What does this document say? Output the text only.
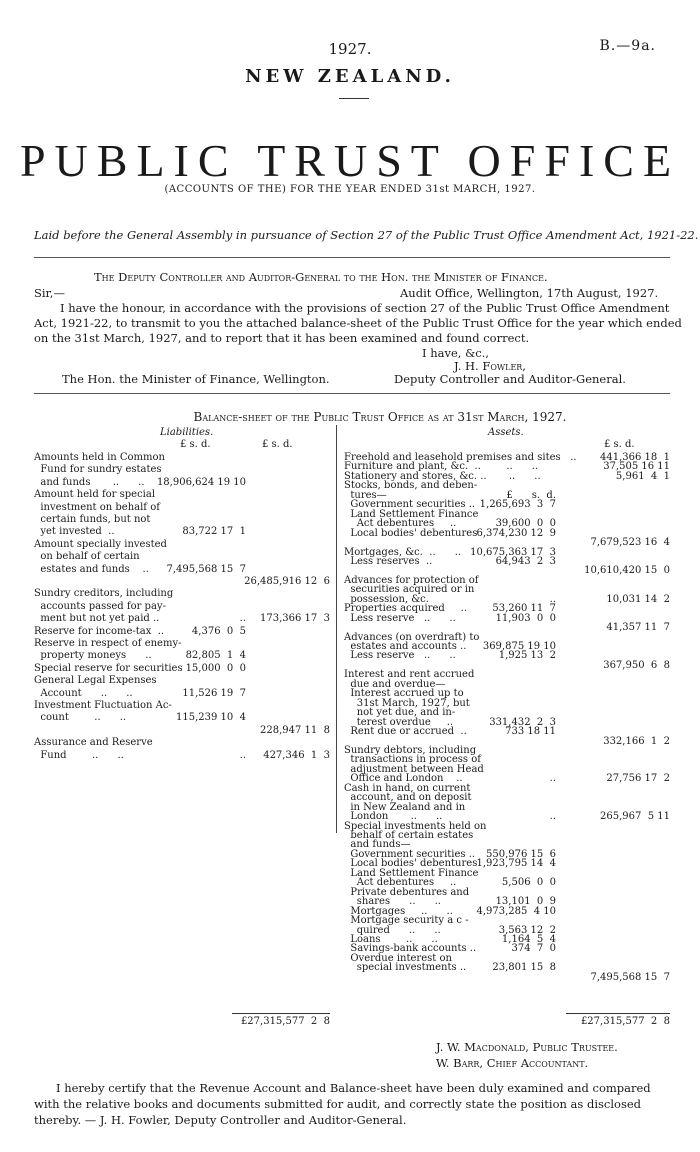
B.—9a.
1927.
NEW ZEALAND.
PUBLIC TRUST OFFICE
(ACCOUNTS OF THE) FOR THE YEAR ENDED 31st MARCH, 1927.
Laid before the General Assembly in pursuance of Section 27 of the Public Trust Office Amendment Act, 1921-22.
The Deputy Controller and Auditor-General to the Hon. the Minister of Finance.
Sir,—	Audit Office, Wellington, 17th August, 1927.
I have the honour, in accordance with the provisions of section 27 of the Public Trust Office Amendment
Act, 1921-22, to transmit to you the attached balance-sheet of the Public Trust Office for the year which ended
on the 31st March, 1927, and to report that it has been examined and found correct.
I have, &c.,
J. H. Fowler,
Deputy Controller and Auditor-General.
The Hon. the Minister of Finance, Wellington.
Balance-sheet of the Public Trust Office as at 31st March, 1927.
Liabilities.	Assets.
£ s. d.	£ s. d.	£ s. d.
Amounts held in Common
Fund for sundry estates
and funds       ..      ..	18,906,624 19 10
Amount held for special
investment on behalf of
certain funds, but not
yet invested  ..	83,722 17  1
Amount specially invested
on behalf of certain
estates and funds    ..	7,495,568 15  7
26,485,916 12  6
Sundry creditors, including
accounts passed for pay-
ment but not yet paid ..	..	173,366 17  3
Reserve for income-tax  ..	4,376  0  5
Reserve in respect of enemy-
property moneys      ..	82,805  1  4
Special reserve for securities 15,000  0  0
General Legal Expenses
Account      ..      ..	11,526 19  7
Investment Fluctuation Ac-
count        ..      ..	115,239 10  4
228,947 11  8
Assurance and Reserve
Fund        ..      ..	..	427,346  1  3
Freehold and leasehold premises and sites   ..	441,366 18  1
Furniture and plant, &c.  ..        ..      ..	37,505 16 11
Stationery and stores, &c. ..       ..      ..	5,961  4  1
Stocks, bonds, and deben-
tures—	£      s.  d.
Government securities .. 1,265,693  3  7
Land Settlement Finance
Act debentures     ..	39,600  0  0
Local bodies' debentures 6,374,230 12  9
7,679,523 16  4
Mortgages, &c.  ..      .. 10,675,363 17  3
Less reserves  ..	64,943  2  3
10,610,420 15  0
Advances for protection of
securities acquired or in
possession, &c.	..	10,031 14  2
Properties acquired     ..	53,260 11  7
Less reserve   ..      ..	11,903  0  0
41,357 11  7
Advances (on overdraft) to
estates and accounts ..	369,875 19 10
Less reserve   ..      ..	1,925 13  2
367,950  6  8
Interest and rent accrued
due and overdue—
Interest accrued up to
31st March, 1927, but
not yet due, and in-
terest overdue     ..	331,432  2  3
Rent due or accrued  ..	733 18 11
332,166  1  2
Sundry debtors, including
transactions in process of
adjustment between Head
Office and London    ..	..	27,756 17  2
Cash in hand, on current
account, and on deposit
in New Zealand and in
London       ..      ..	..	265,967  5 11
Special investments held on
behalf of certain estates
and funds—
Government securities ..	550,976 15  6
Local bodies' debentures 1,923,795 14  4
Land Settlement Finance
Act debentures     ..	5,506  0  0
Private debentures and
shares      ..      ..	13,101  0  9
Mortgages     ..      ..	4,973,285  4 10
Mortgage security a c -
quired      ..      ..	3,563 12  2
Loans        ..      ..	1,164  5  4
Savings-bank accounts ..	374  7  0
Overdue interest on
special investments ..	23,801 15  8
7,495,568 15  7
£27,315,577  2  8	£27,315,577  2  8
J. W. Macdonald, Public Trustee.
W. Barr, Chief Accountant.
I hereby certify that the Revenue Account and Balance-sheet have been duly examined and compared with the relative books and documents submitted for audit, and correctly state the position as disclosed thereby. — J. H. Fowler, Deputy Controller and Auditor-General.
